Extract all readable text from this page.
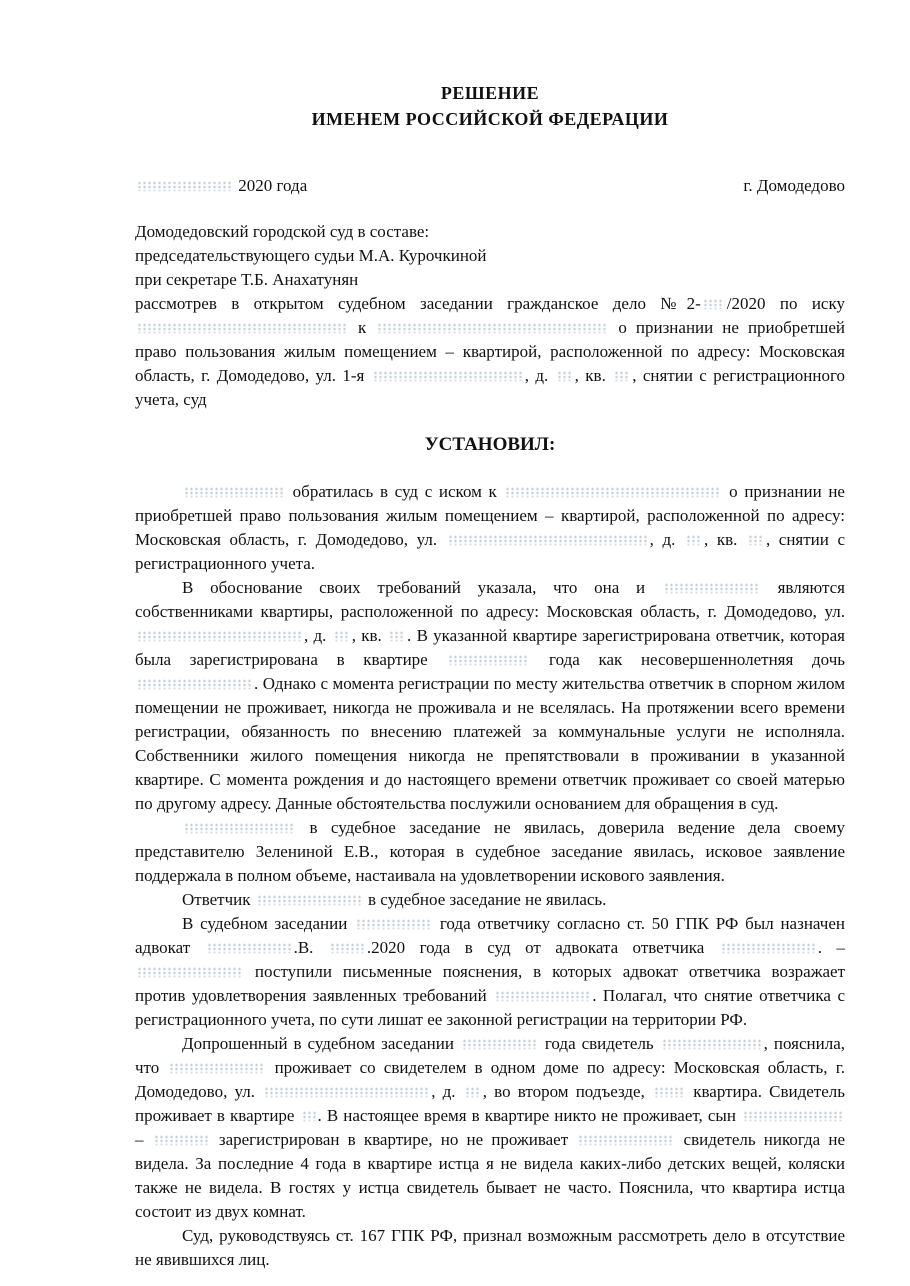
РЕШЕНИЕ
ИМЕНЕМ РОССИЙСКОЙ ФЕДЕРАЦИИ
2020 года	г. Домодедово
Домодедовский городской суд в составе:
председательствующего судьи М.А. Курочкиной
при секретаре Т.Б. Анахатунян

рассмотрев в открытом судебном заседании гражданское дело №2- /2020 по иску  к	о признании не приобретшей право пользования жилым помещением – квартирой, расположенной по адресу: Московская область, г. Домодедово, ул. 1-я	, д. , кв. , снятии с регистрационного учета, суд

УСТАНОВИЛ:

обратилась в суд с иском к	о признании не приобретшей право пользования жилым помещением – квартирой, расположенной по адресу: Московская область, г. Домодедово, ул.	, д. , кв. , снятии с регистрационного учета.

В обоснование своих требований указала, что она и	являются собственниками квартиры, расположенной по адресу: Московская область, г. Домодедово, ул. , д. , кв. . В указанной квартире зарегистрирована ответчик, которая была зарегистрирована в квартире	года как несовершеннолетняя дочь . Однако с момента регистрации по месту жительства ответчик в спорном жилом помещении не проживает, никогда не проживала и не вселялась. На протяжении всего времени регистрации, обязанность по внесению платежей за коммунальные услуги не исполняла. Собственники жилого помещения никогда не препятствовали в проживании в указанной квартире. С момента рождения и до настоящего времени ответчик проживает со своей матерью по другому адресу. Данные обстоятельства послужили основанием для обращения в суд.

в судебное заседание не явилась, доверила ведение дела своему представителю Зелениной Е.В., которая в судебное заседание явилась, исковое заявление поддержала в полном объеме, настаивала на удовлетворении искового заявления.

Ответчик	в судебное заседание не явилась.

В судебном заседании	года ответчику согласно ст. 50 ГПК РФ был назначен адвокат	.В. .2020 года в суд от адвоката ответчика	. –  поступили письменные пояснения, в которых адвокат ответчика возражает против удовлетворения заявленных требований	. Полагал, что снятие ответчика с регистрационного учета, по сути лишат ее законной регистрации на территории РФ.

Допрошенный в судебном заседании	года свидетель	, пояснила, что	проживает со свидетелем в одном доме по адресу: Московская область, г. Домодедово, ул.	, д. , во втором подъезде,  квартира. Свидетель проживает в квартире . В настоящее время в квартире никто не проживает, сын  –	зарегистрирован в квартире, но не проживает	свидетель никогда не видела. За последние 4 года в квартире истца я не видела каких-либо детских вещей, коляски также не видела. В гостях у истца свидетель бывает не часто. Пояснила, что квартира истца состоит из двух комнат.

Суд, руководствуясь ст. 167 ГПК РФ, признал возможным рассмотреть дело в отсутствие не явившихся лиц.
